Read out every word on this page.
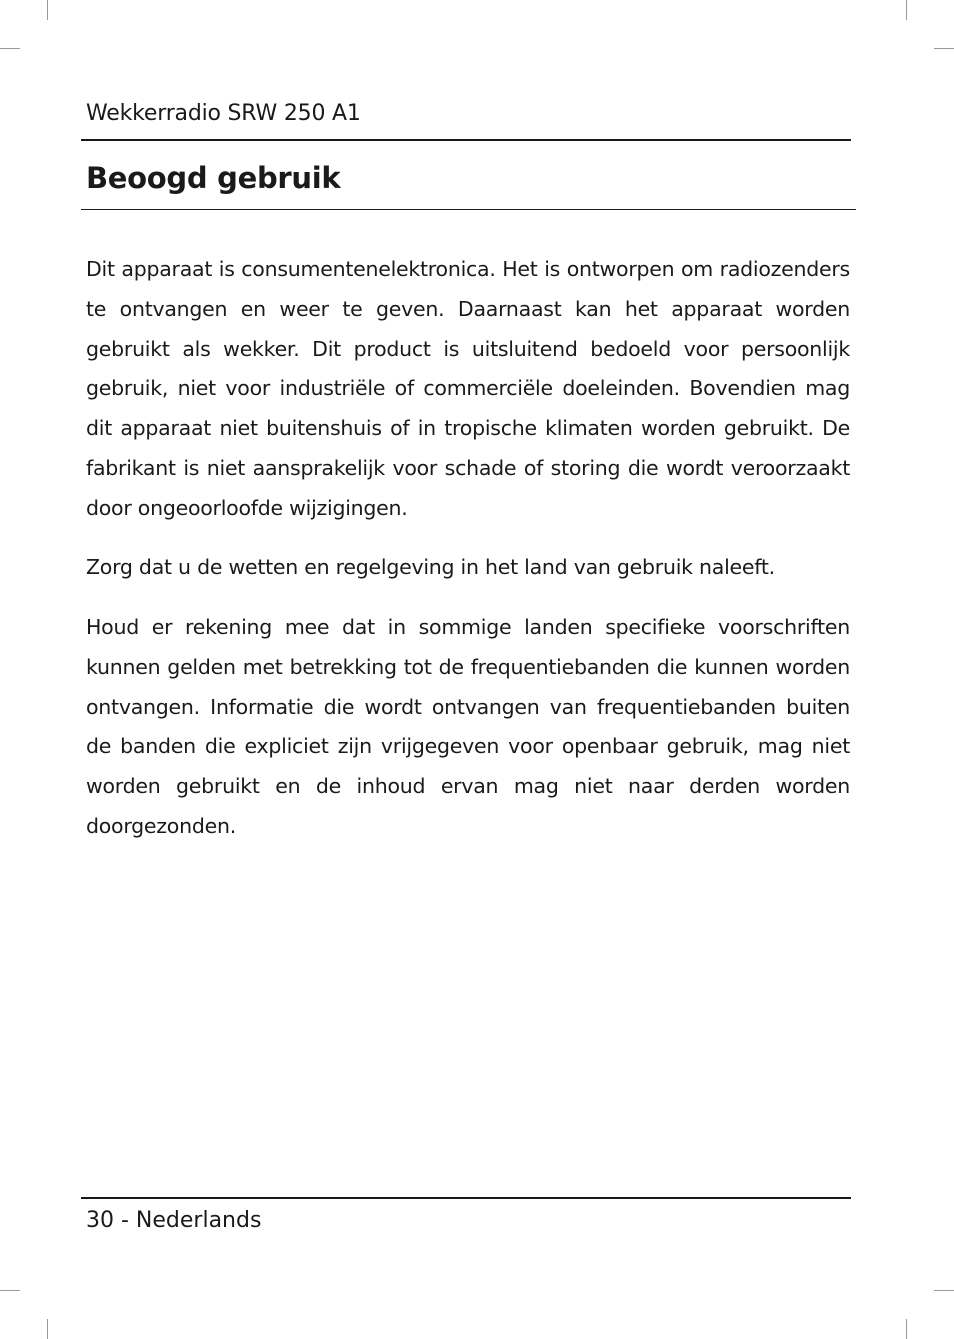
Wekkerradio SRW 250 A1
Beoogd gebruik

Dit apparaat is consumentenelektronica. Het is ontworpen om radiozenders te ontvangen en weer te geven. Daarnaast kan het apparaat worden gebruikt als wekker. Dit product is uitsluitend bedoeld voor persoonlijk gebruik, niet voor industriële of commerciële doeleinden. Bovendien mag dit apparaat niet buitenshuis of in tropische klimaten worden gebruikt. De fabrikant is niet aansprakelijk voor schade of storing die wordt veroorzaakt door ongeoorloofde wijzigingen.

Zorg dat u de wetten en regelgeving in het land van gebruik naleeft.

Houd er rekening mee dat in sommige landen specifieke voorschriften kunnen gelden met betrekking tot de frequentiebanden die kunnen worden ontvangen. Informatie die wordt ontvangen van frequentiebanden buiten de banden die expliciet zijn vrijgegeven voor openbaar gebruik, mag niet worden gebruikt en de inhoud ervan mag niet naar derden worden doorgezonden.

30 - Nederlands
